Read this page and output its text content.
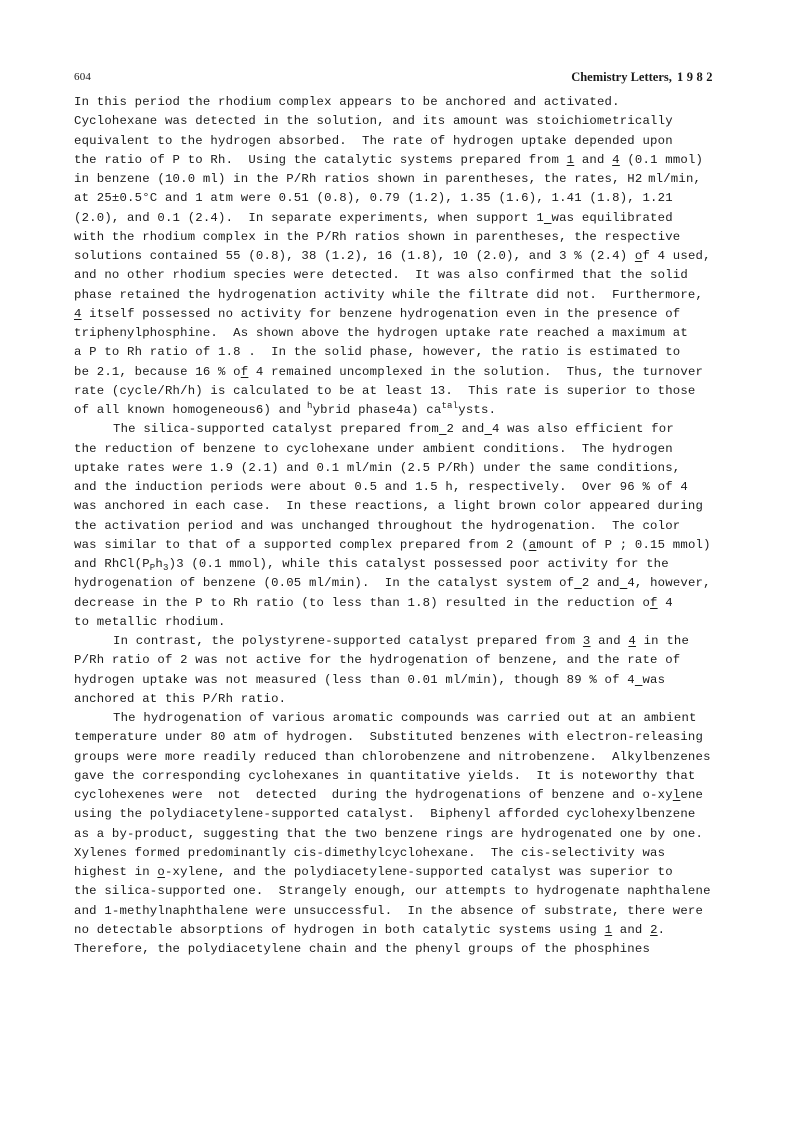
604	Chemistry Letters, 1982
In this period the rhodium complex appears to be anchored and activated.
Cyclohexane was detected in the solution, and its amount was stoichiometrically
equivalent to the hydrogen absorbed.  The rate of hydrogen uptake depended upon
the ratio of P to Rh.  Using the catalytic systems prepared from 1 and 4 (0.1 mmol)
in benzene (10.0 ml) in the P/Rh ratios shown in parentheses, the rates, H2 ml/min,
at 25±0.5°C and 1 atm were 0.51 (0.8), 0.79 (1.2), 1.35 (1.6), 1.41 (1.8), 1.21
(2.0), and 0.1 (2.4).  In separate experiments, when support 1 was equilibrated
with the rhodium complex in the P/Rh ratios shown in parentheses, the respective
solutions contained 55 (0.8), 38 (1.2), 16 (1.8), 10 (2.0), and 3 % (2.4) of 4 used,
and no other rhodium species were detected.  It was also confirmed that the solid
phase retained the hydrogenation activity while the filtrate did not.  Furthermore,
4 itself possessed no activity for benzene hydrogenation even in the presence of
triphenylphosphine.  As shown above the hydrogen uptake rate reached a maximum at
a P to Rh ratio of 1.8 .  In the solid phase, however, the ratio is estimated to
be 2.1, because 16 % of 4 remained uncomplexed in the solution.  Thus, the turnover
rate (cycle/Rh/h) is calculated to be at least 13.  This rate is superior to those
of all known homogeneous6) and $^h$ybrid phase4a) $ca^{tal}ysts$.
The silica-supported catalyst prepared from 2 and 4 was also efficient for
the reduction of benzene to cyclohexane under ambient conditions.  The hydrogen
uptake rates were 1.9 (2.1) and 0.1 ml/min (2.5 P/Rh) under the same conditions,
and the induction periods were about 0.5 and 1.5 h, respectively.  Over 96 % of 4
was anchored in each case.  In these reactions, a light brown color appeared during
the activation period and was unchanged throughout the hydrogenation.  The color
was similar to that of a supported complex prepared from 2 (amount of P ; 0.15 mmol)
and $RhCl(P_Ph_3)3$ (0.1 mmol), while this catalyst possessed poor activity for the
hydrogenation of benzene (0.05 ml/min).  In the catalyst system of 2 and 4, however,
decrease in the P to Rh ratio (to less than 1.8) resulted in the reduction of 4
to metallic rhodium.
In contrast, the polystyrene-supported catalyst prepared from 3 and 4 in the
P/Rh ratio of 2 was not active for the hydrogenation of benzene, and the rate of
hydrogen uptake was not measured (less than 0.01 ml/min), though 89 % of 4 was
anchored at this P/Rh ratio.
The hydrogenation of various aromatic compounds was carried out at an ambient
temperature under 80 atm of hydrogen.  Substituted benzenes with electron-releasing
groups were more readily reduced than chlorobenzene and nitrobenzene.  Alkylbenzenes
gave the corresponding cyclohexanes in quantitative yields.  It is noteworthy that
cyclohexenes were  not  detected  during the hydrogenations of benzene and o-xylene
using the polydiacetylene-supported catalyst.  Biphenyl afforded cyclohexylbenzene
as a by-product, suggesting that the two benzene rings are hydrogenated one by one.
Xylenes formed predominantly cis-dimethylcyclohexane.  The cis-selectivity was
highest in o-xylene, and the polydiacetylene-supported catalyst was superior to
the silica-supported one.  Strangely enough, our attempts to hydrogenate naphthalene
and 1-methylnaphthalene were unsuccessful.  In the absence of substrate, there were
no detectable absorptions of hydrogen in both catalytic systems using 1 and 2.
Therefore, the polydiacetylene chain and the phenyl groups of the phosphines
